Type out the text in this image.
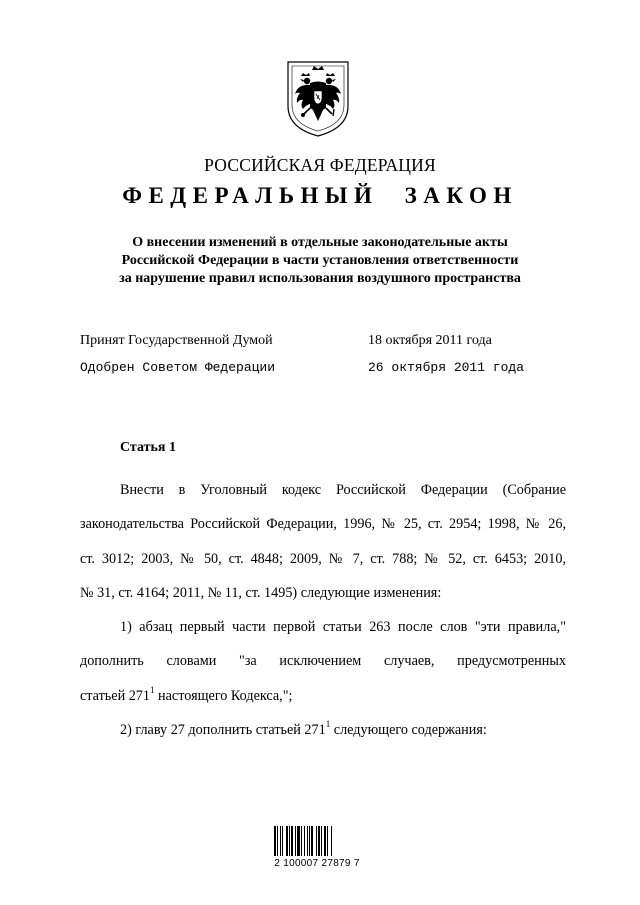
РОССИЙСКАЯ ФЕДЕРАЦИЯ
ФЕДЕРАЛЬНЫЙ ЗАКОН
О внесении изменений в отдельные законодательные акты
Российской Федерации в части установления ответственности
за нарушение правил использования воздушного пространства
Принят Государственной Думой	18 октября 2011 года
Одобрен Советом Федерации	26 октября 2011 года
Статья 1

Внести в Уголовный кодекс Российской Федерации (Собрание
законодательства Российской Федерации, 1996, № 25, ст. 2954; 1998, № 26,
ст. 3012; 2003, № 50, ст. 4848; 2009, № 7, ст. 788; № 52, ст. 6453; 2010,
№ 31, ст. 4164; 2011, № 11, ст. 1495) следующие изменения:

1) абзац первый части первой статьи 263 после слов "эти правила,"
дополнить словами "за исключением случаев, предусмотренных
статьей $271^1$ настоящего Кодекса,";

2) главу 27 дополнить статьей $271^1$ следующего содержания:

2 100007 27879 7
